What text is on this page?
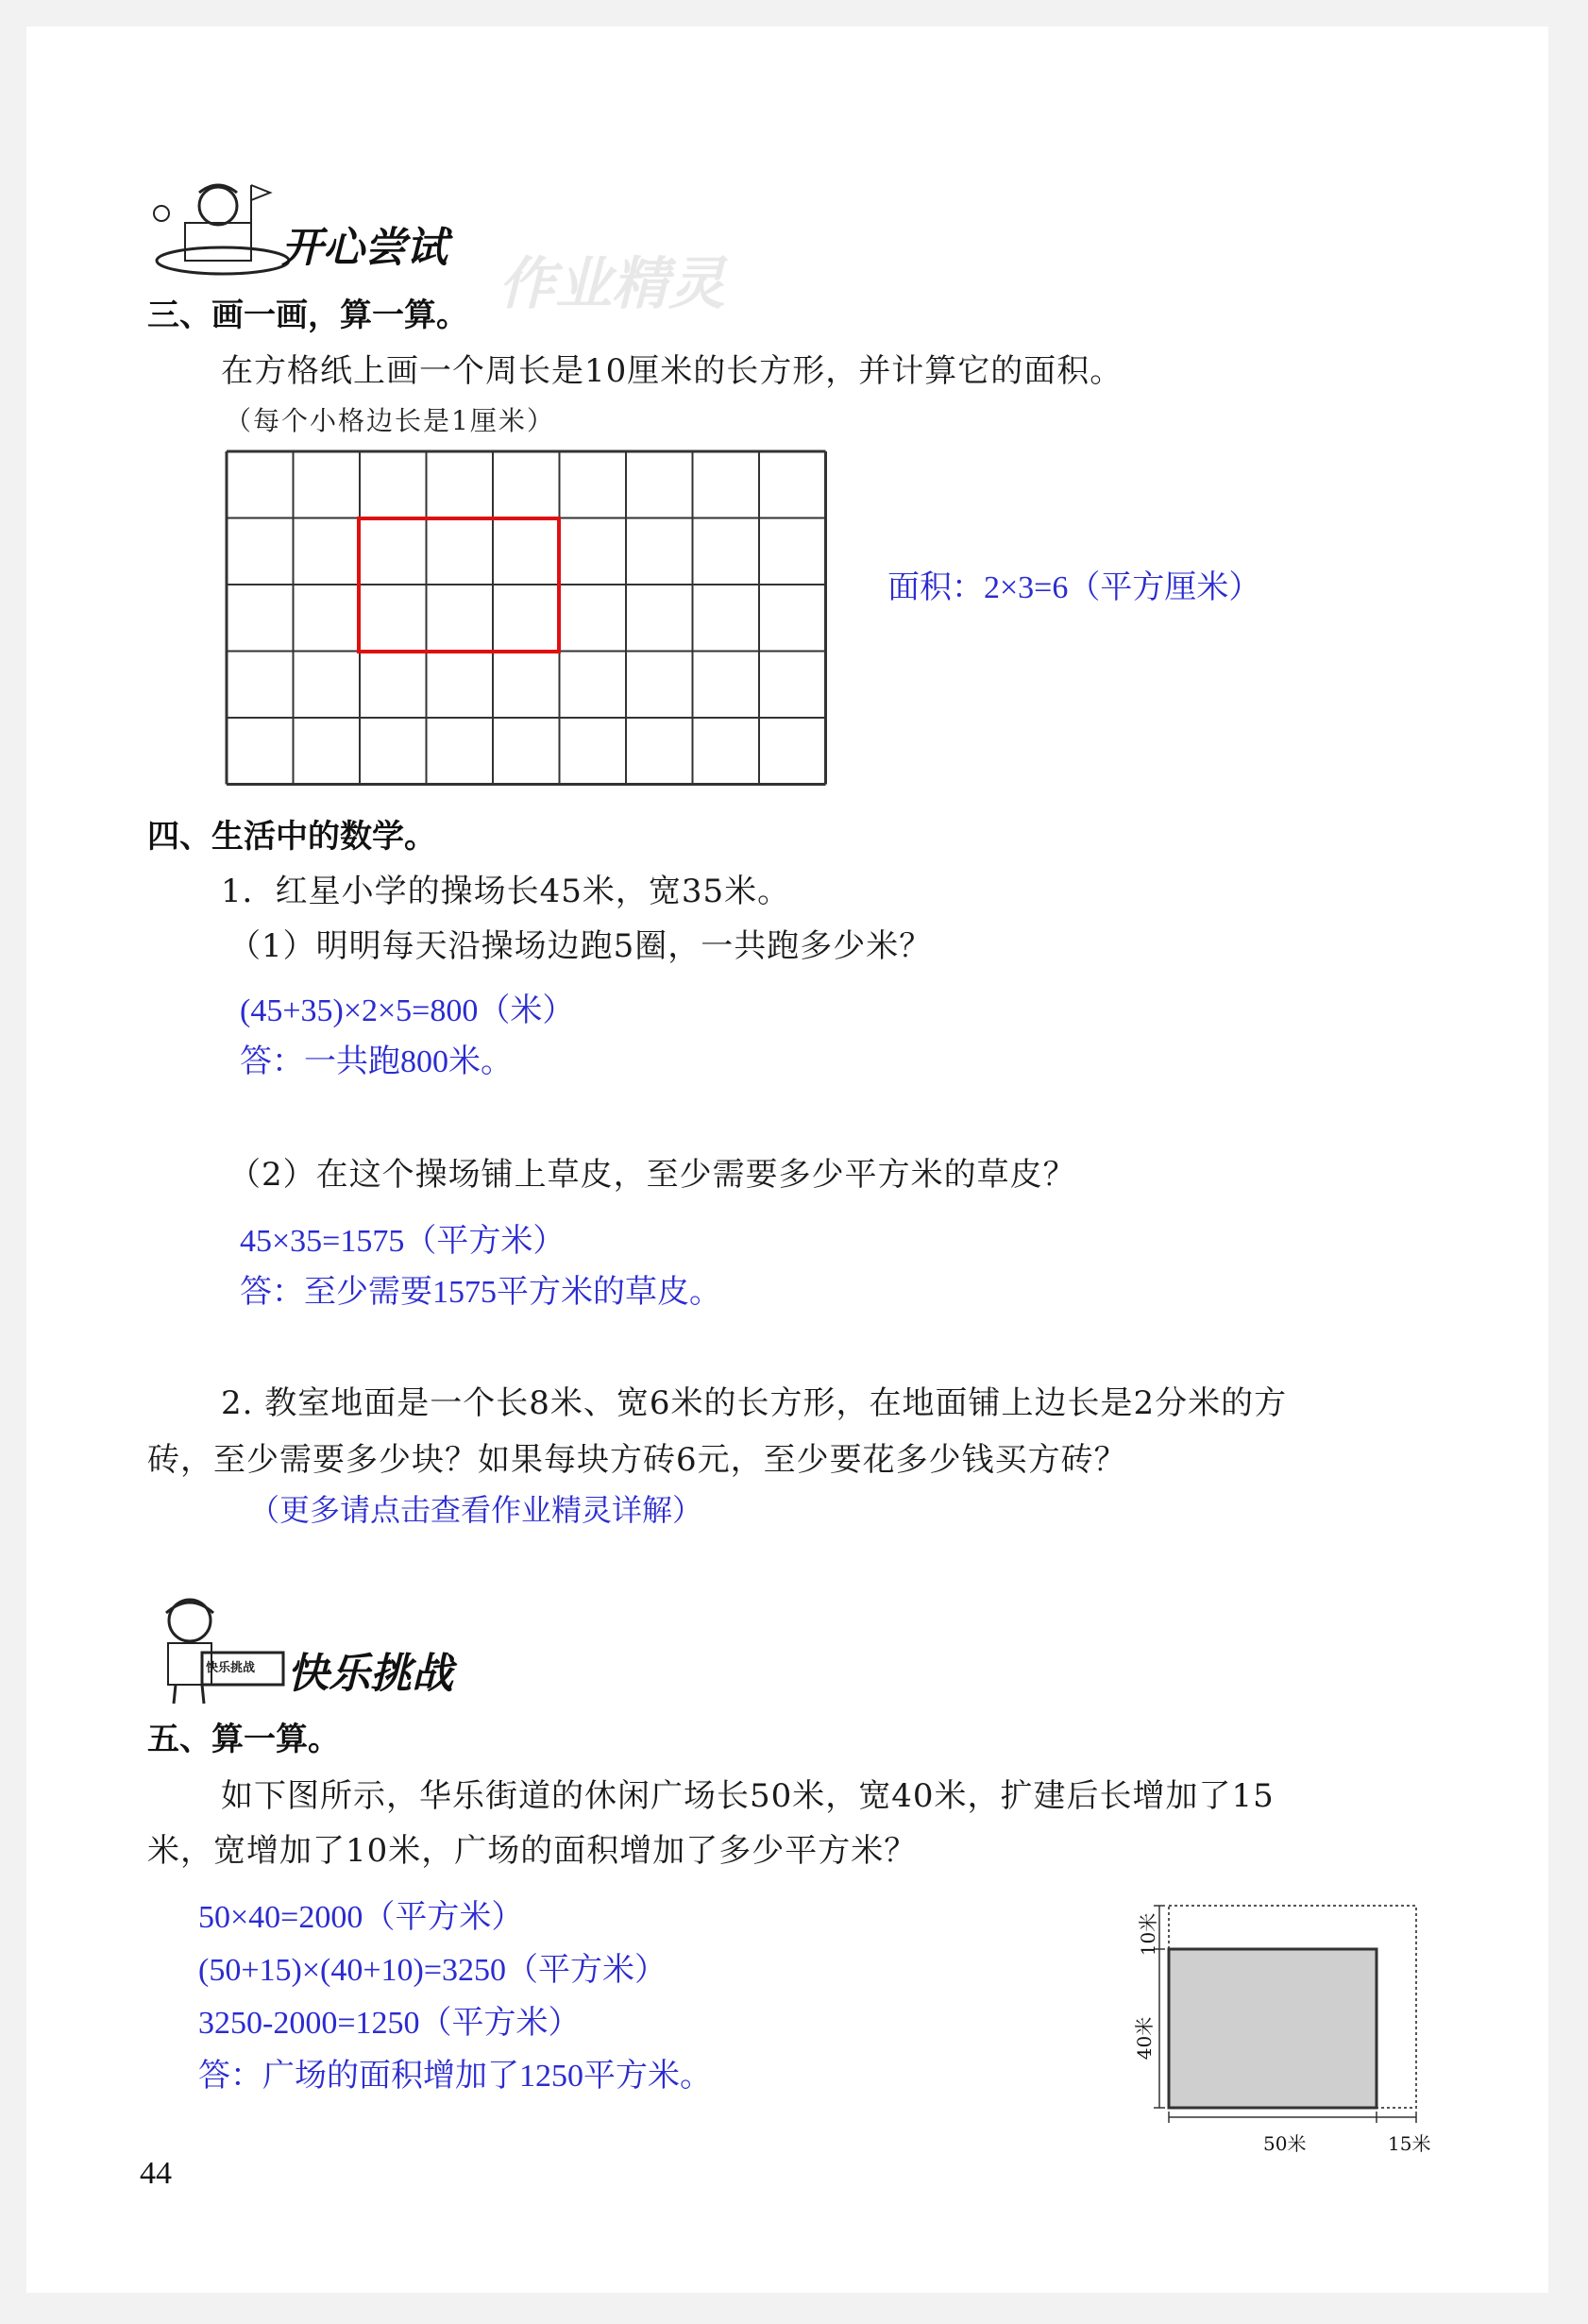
开心尝试
作业精灵
三、画一画，算一算。
在方格纸上画一个周长是10厘米的长方形，并计算它的面积。
（每个小格边长是1厘米）
面积：2×3=6（平方厘米）
四、生活中的数学。
1．红星小学的操场长45米，宽35米。
（1）明明每天沿操场边跑5圈，一共跑多少米？
(45+35)×2×5=800（米）
答：一共跑800米。
（2）在这个操场铺上草皮，至少需要多少平方米的草皮？
45×35=1575（平方米）
答：至少需要1575平方米的草皮。
2. 教室地面是一个长8米、宽6米的长方形，在地面铺上边长是2分米的方
砖，至少需要多少块？如果每块方砖6元，至少要花多少钱买方砖？
（更多请点击查看作业精灵详解）
快乐挑战 快乐挑战
五、算一算。
如下图所示，华乐街道的休闲广场长50米，宽40米，扩建后长增加了15
米，宽增加了10米，广场的面积增加了多少平方米？
50×40=2000（平方米）
(50+15)×(40+10)=3250（平方米）
3250-2000=1250（平方米）
答：广场的面积增加了1250平方米。
10米
40米
50米	15米
44
